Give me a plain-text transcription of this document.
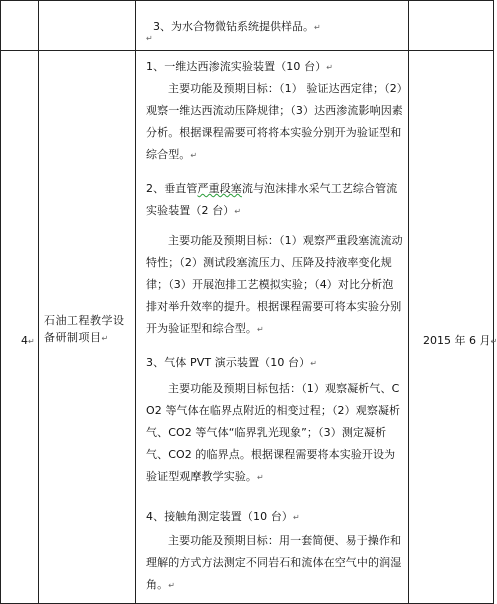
3、为水合物微钻系统提供样品。↵

↵

4↵

石油工程教学设备研制项目↵	2015 年 6 月↵

1、一维达西渗流实验装置（10 台）↵
主要功能及预期目标：（1） 验证达西定律；（2）观察一维达西流动压降规律；（3）达西渗流影响因素分析。根据课程需要可将将本实验分别开为验证型和综合型。↵
2、垂直管严重段塞流与泡沫排水采气工艺综合管流实验装置（2 台）↵
主要功能及预期目标：（1）观察严重段塞流流动特性；（2）测试段塞流压力、压降及持液率变化规律；（3）开展泡排工艺模拟实验；（4）对比分析泡排对举升效率的提升。根据课程需要可将本实验分别开为验证型和综合型。↵
3、气体 PVT 演示装置（10 台）↵
主要功能及预期目标包括：（1）观察凝析气、CO2 等气体在临界点附近的相变过程；（2）观察凝析气、CO2 等气体“临界乳光现象”；（3）测定凝析气、CO2 的临界点。根据课程需要将本实验开设为验证型观摩教学实验。↵
4、接触角测定装置（10 台）↵
主要功能及预期目标：用一套简便、易于操作和理解的方式方法测定不同岩石和流体在空气中的润湿角。↵
